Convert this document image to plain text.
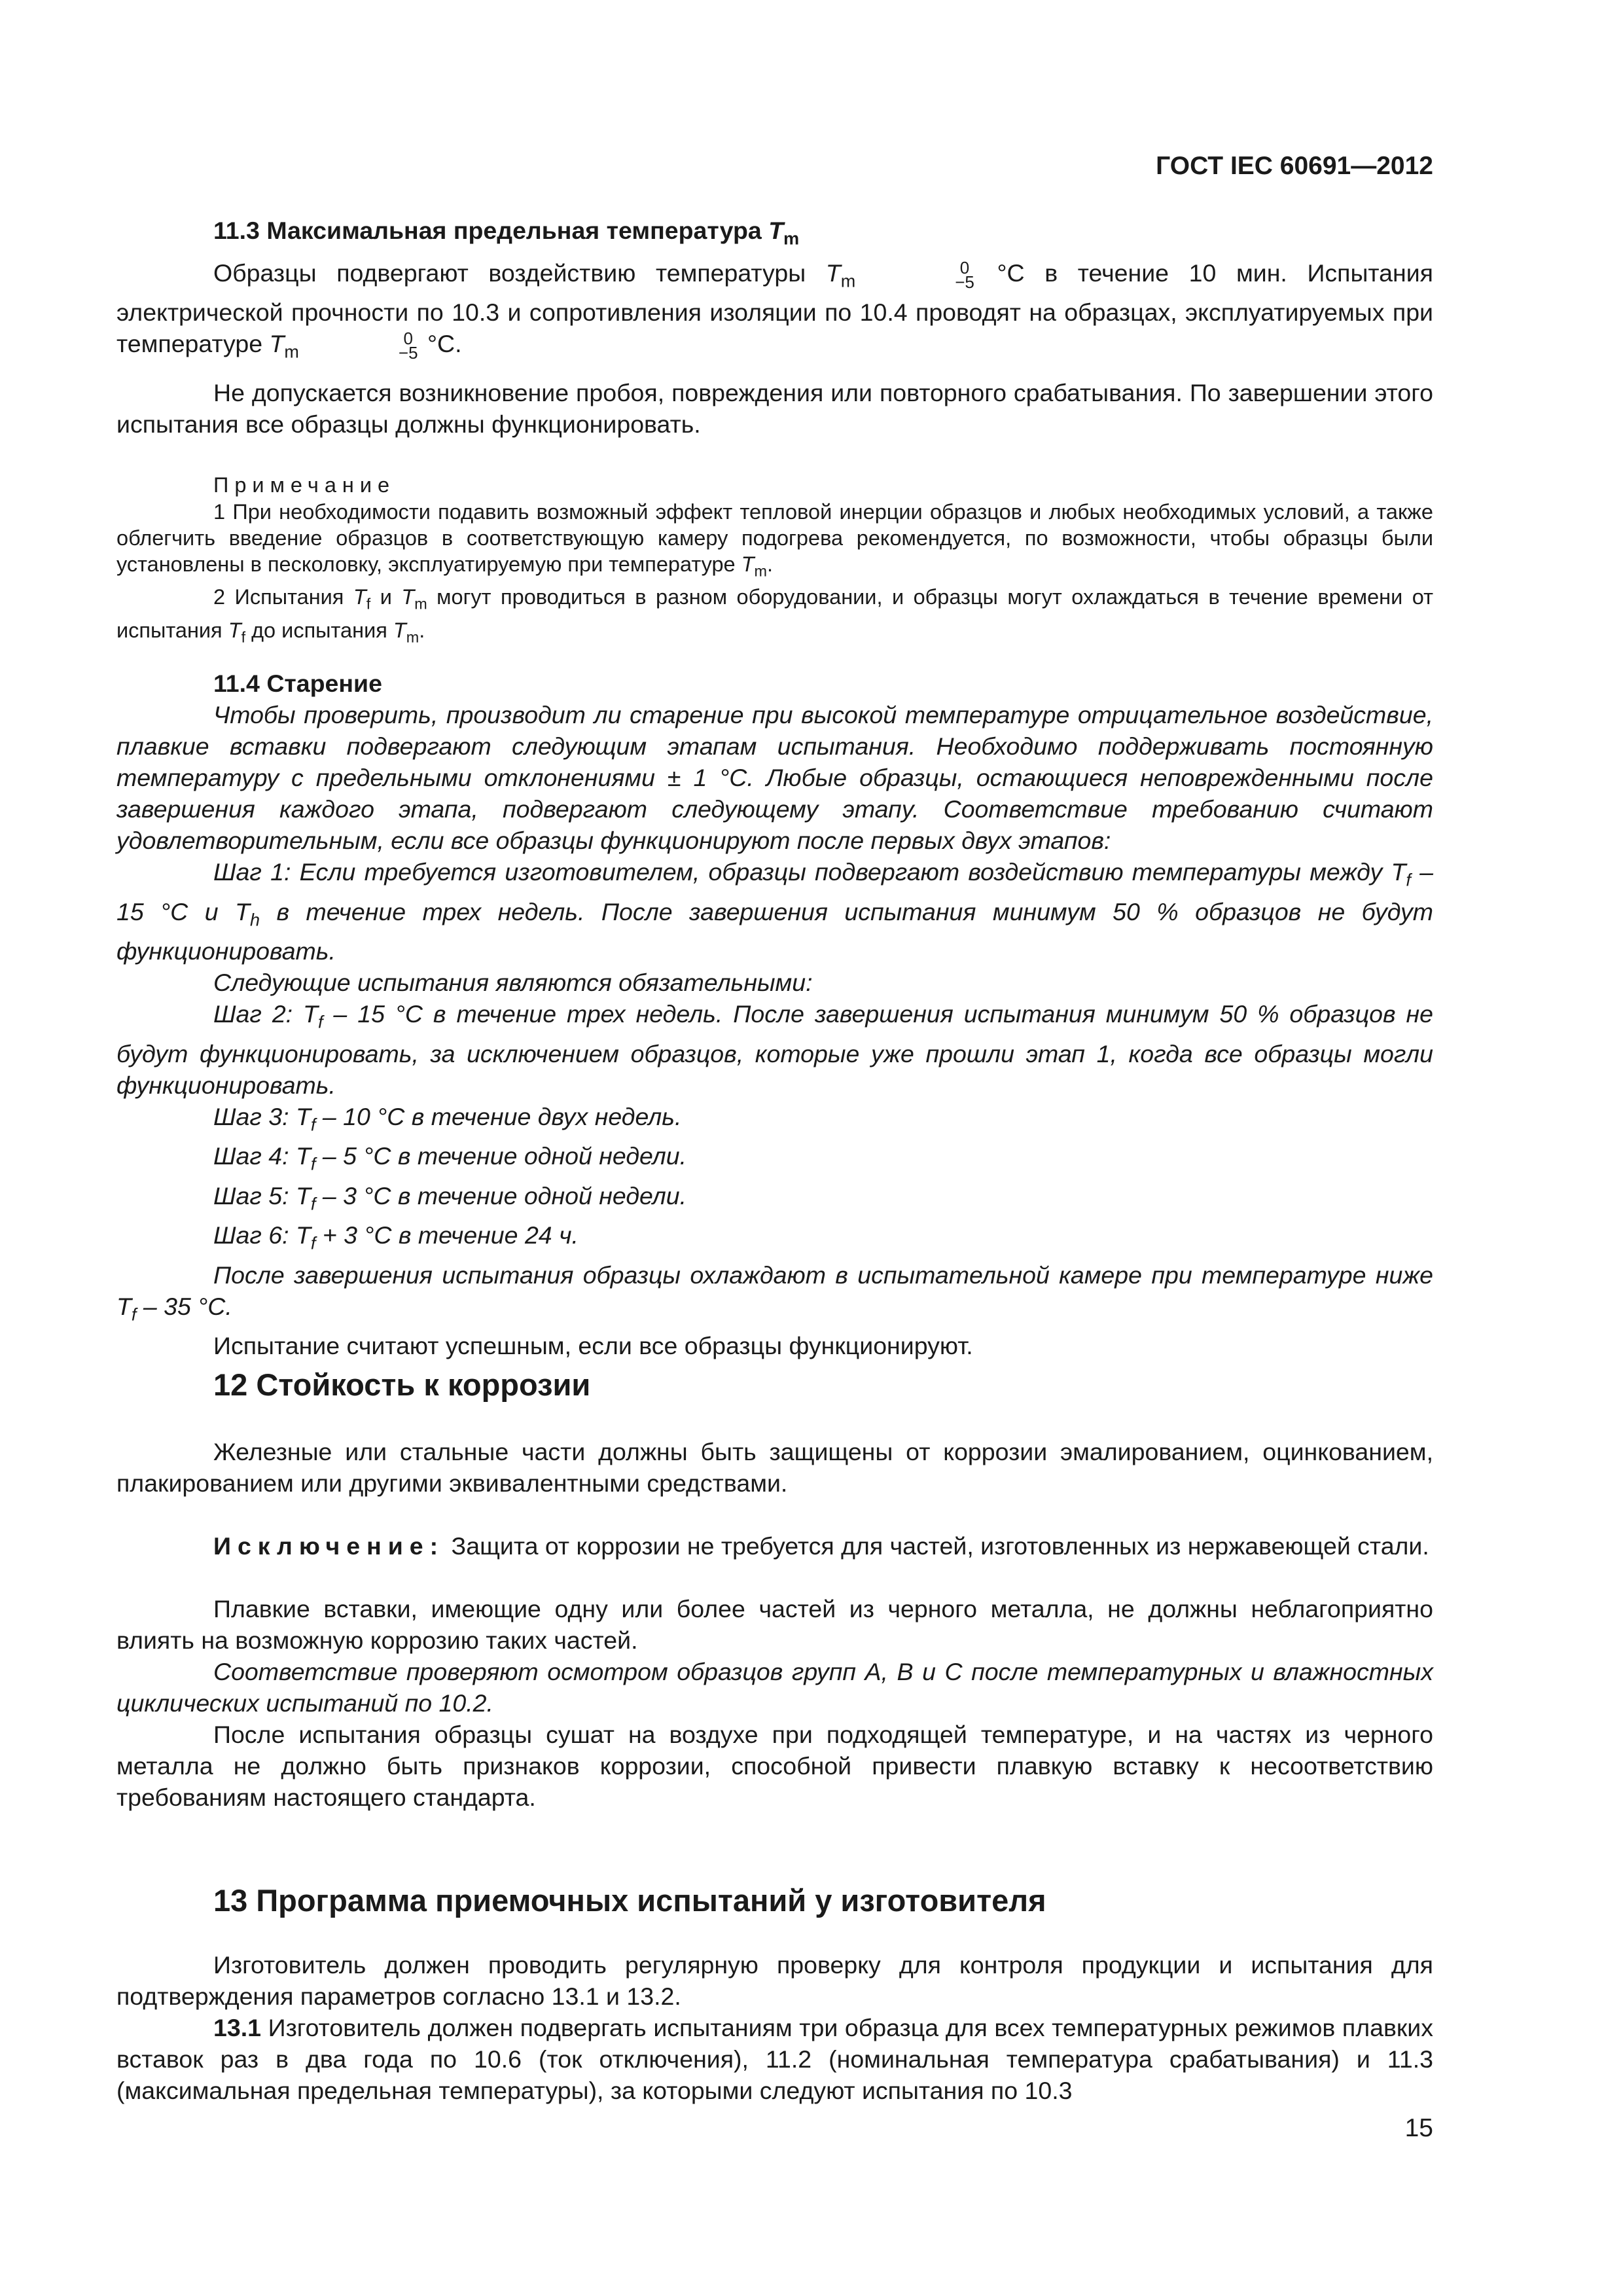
ГОСТ IEC 60691—2012

11.3 Максимальная предельная температура $T_m$

Образцы подвергают воздействию температуры $T_m$
0
−5 °С в течение 10 мин. Испытания электрической прочности по 10.3 и сопротивления изоляции по 10.4 проводят на образцах, эксплуатируемых при температуре $T_m$
0
−5 °С.

Не допускается возникновение пробоя, повреждения или повторного срабатывания. По завершении этого испытания все образцы должны функционировать.

Примечание

1 При необходимости подавить возможный эффект тепловой инерции образцов и любых необходимых условий, а также облегчить введение образцов в соответствующую камеру подогрева рекомендуется, по возможности, чтобы образцы были установлены в песколовку, эксплуатируемую при температуре $T_m$.

2 Испытания $T_f$ и $T_m$ могут проводиться в разном оборудовании, и образцы могут охлаждаться в течение времени от испытания $T_f$ до испытания $T_m$.

11.4 Старение

Чтобы проверить, производит ли старение при высокой температуре отрицательное воздействие, плавкие вставки подвергают следующим этапам испытания. Необходимо поддерживать постоянную температуру с предельными отклонениями ± 1 °С. Любые образцы, остающиеся неповрежденными после завершения каждого этапа, подвергают следующему этапу. Соответствие требованию считают удовлетворительным, если все образцы функционируют после первых двух этапов:

Шаг 1: Если требуется изготовителем, образцы подвергают воздействию температуры между $T_f - 15$ °С и $T_h$ в течение трех недель. После завершения испытания минимум 50 % образцов не будут функционировать.

Следующие испытания являются обязательными:

Шаг 2: $T_f - 15$ °С в течение трех недель. После завершения испытания минимум 50 % образцов не будут функционировать, за исключением образцов, которые уже прошли этап 1, когда все образцы могли функционировать.

Шаг 3: $T_f - 10$ °С в течение двух недель.

Шаг 4: $T_f - 5$ °С в течение одной недели.

Шаг 5: $T_f - 3$ °С в течение одной недели.

Шаг 6: $T_f + 3$ °С в течение 24 ч.

После завершения испытания образцы охлаждают в испытательной камере при температуре ниже $T_f - 35$ °С.

Испытание считают успешным, если все образцы функционируют.

12 Стойкость к коррозии

Железные или стальные части должны быть защищены от коррозии эмалированием, оцинкованием, плакированием или другими эквивалентными средствами.

Исключение: Защита от коррозии не требуется для частей, изготовленных из нержавеющей стали.

Плавкие вставки, имеющие одну или более частей из черного металла, не должны неблагоприятно влиять на возможную коррозию таких частей.

Соответствие проверяют осмотром образцов групп А, В и С после температурных и влажностных циклических испытаний по 10.2.

После испытания образцы сушат на воздухе при подходящей температуре, и на частях из черного металла не должно быть признаков коррозии, способной привести плавкую вставку к несоответствию требованиям настоящего стандарта.

13 Программа приемочных испытаний у изготовителя

Изготовитель должен проводить регулярную проверку для контроля продукции и испытания для подтверждения параметров согласно 13.1 и 13.2.

13.1 Изготовитель должен подвергать испытаниям три образца для всех температурных режимов плавких вставок раз в два года по 10.6 (ток отключения), 11.2 (номинальная температура срабатывания) и 11.3 (максимальная предельная температуры), за которыми следуют испытания по 10.3

15
